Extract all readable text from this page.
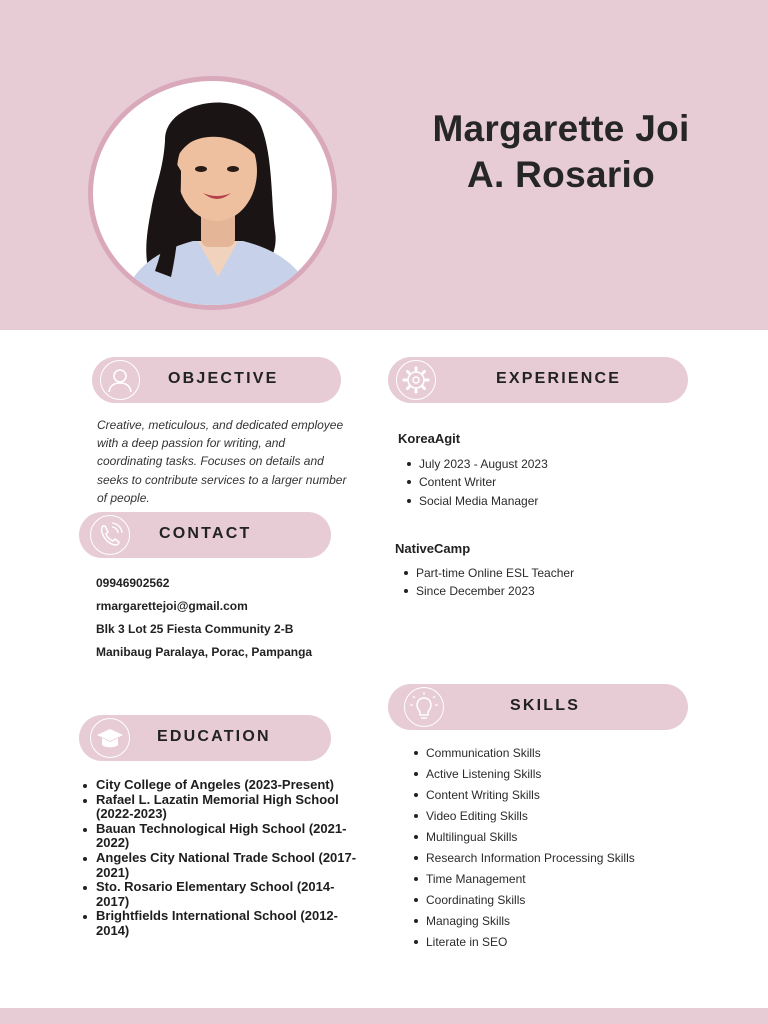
Margarette Joi
A. Rosario
OBJECTIVE

Creative, meticulous, and dedicated employee with a deep passion for writing, and coordinating tasks. Focuses on details and seeks to contribute services to a larger number of people.

CONTACT
09946902562
rmargarettejoi@gmail.com
Blk 3 Lot 25 Fiesta Community 2-B
Manibaug Paralaya, Porac, Pampanga
EDUCATION
City College of Angeles (2023-Present)
Rafael L. Lazatin Memorial High School (2022-2023)
Bauan Technological High School (2021-2022)
Angeles City National Trade School (2017-2021)
Sto. Rosario Elementary School (2014-2017)
Brightfields International School (2012-2014)
EXPERIENCE
KoreaAgit
July 2023 - August 2023
Content Writer
Social Media Manager
NativeCamp
Part-time Online ESL Teacher
Since December 2023
SKILLS
Communication Skills
Active Listening Skills
Content Writing Skills
Video Editing Skills
Multilingual Skills
Research Information Processing Skills
Time Management
Coordinating Skills
Managing Skills
Literate in SEO
